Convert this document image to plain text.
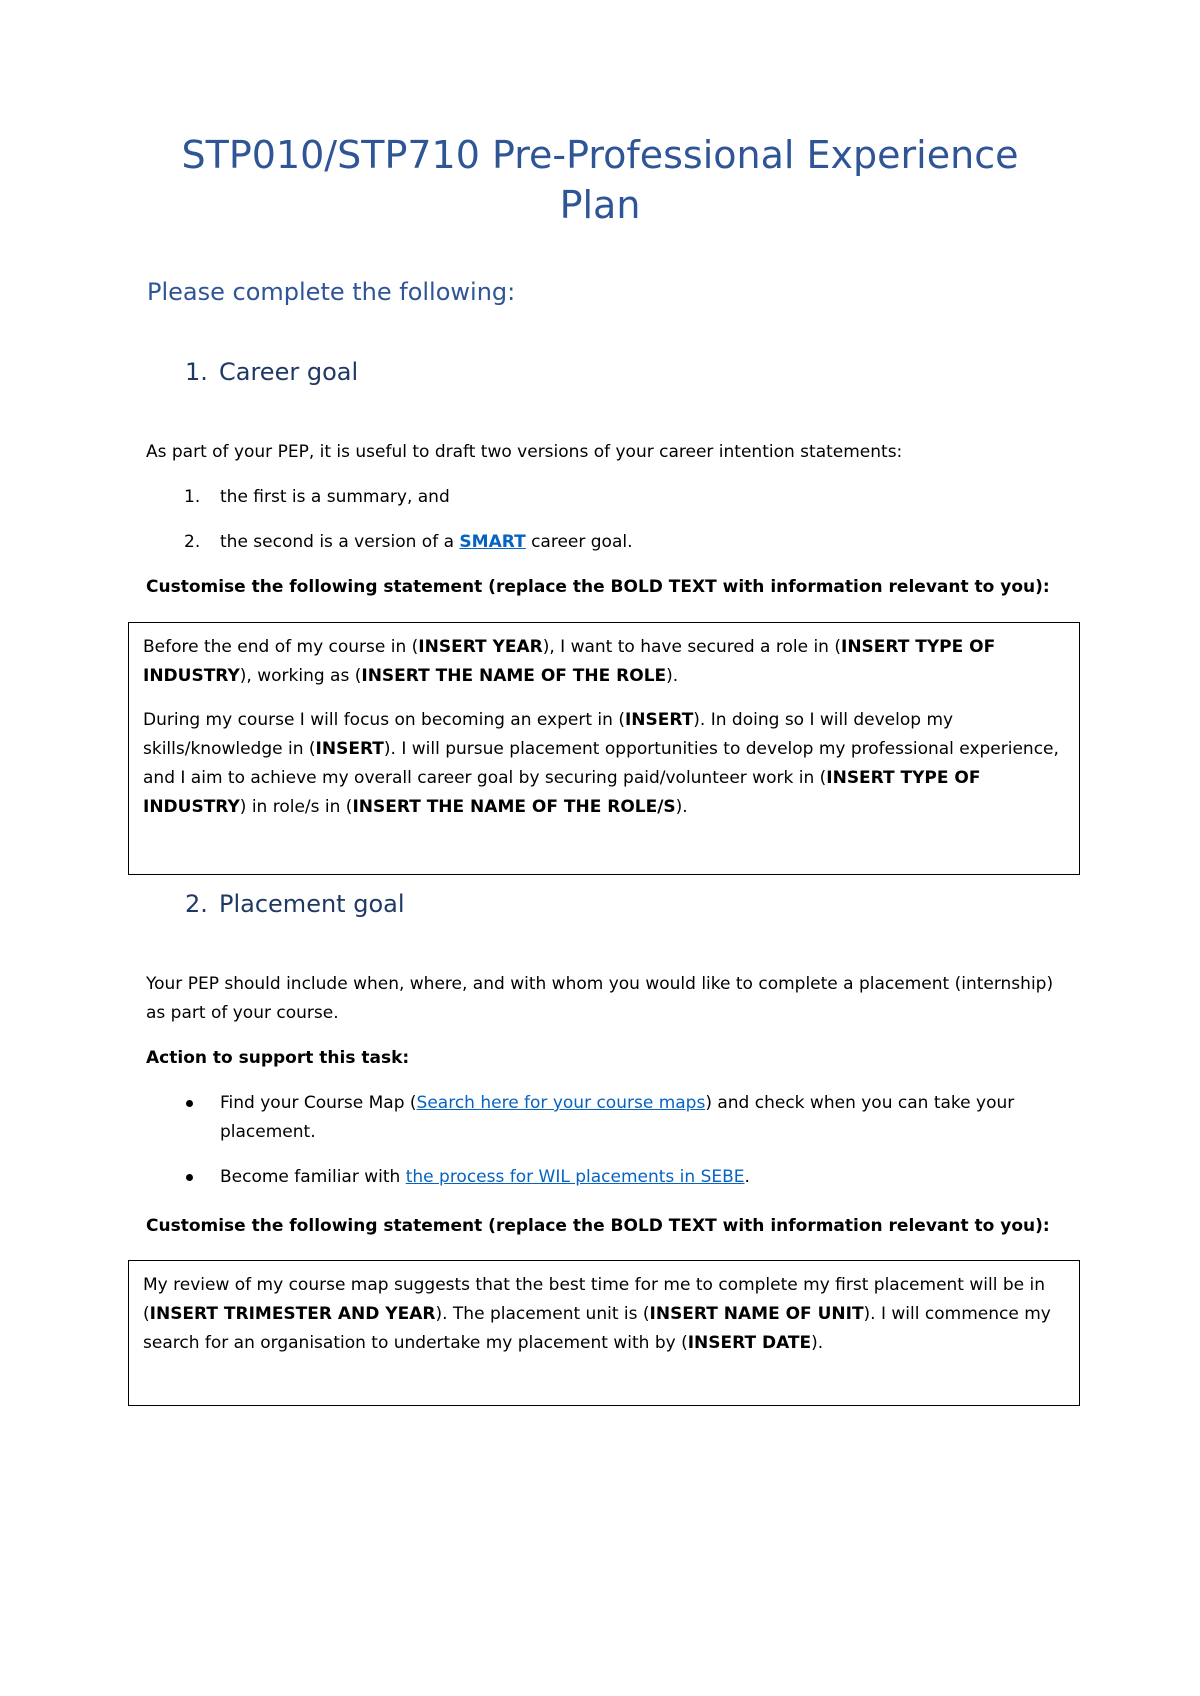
STP010/STP710 Pre-Professional Experience Plan
Please complete the following:
1. Career goal

As part of your PEP, it is useful to draft two versions of your career intention statements:

1.	the first is a summary, and
2.	the second is a version of a SMART career goal.

Customise the following statement (replace the BOLD TEXT with information relevant to you):

Before the end of my course in (INSERT YEAR), I want to have secured a role in (INSERT TYPE OF INDUSTRY), working as (INSERT THE NAME OF THE ROLE).

During my course I will focus on becoming an expert in (INSERT). In doing so I will develop my skills/knowledge in (INSERT). I will pursue placement opportunities to develop my professional experience, and I aim to achieve my overall career goal by securing paid/volunteer work in (INSERT TYPE OF INDUSTRY) in role/s in (INSERT THE NAME OF THE ROLE/S).

2. Placement goal

Your PEP should include when, where, and with whom you would like to complete a placement (internship) as part of your course.

Action to support this task:

Find your Course Map (Search here for your course maps) and check when you can take your placement.
Become familiar with the process for WIL placements in SEBE.

Customise the following statement (replace the BOLD TEXT with information relevant to you):

My review of my course map suggests that the best time for me to complete my first placement will be in (INSERT TRIMESTER AND YEAR). The placement unit is (INSERT NAME OF UNIT). I will commence my search for an organisation to undertake my placement with by (INSERT DATE).
